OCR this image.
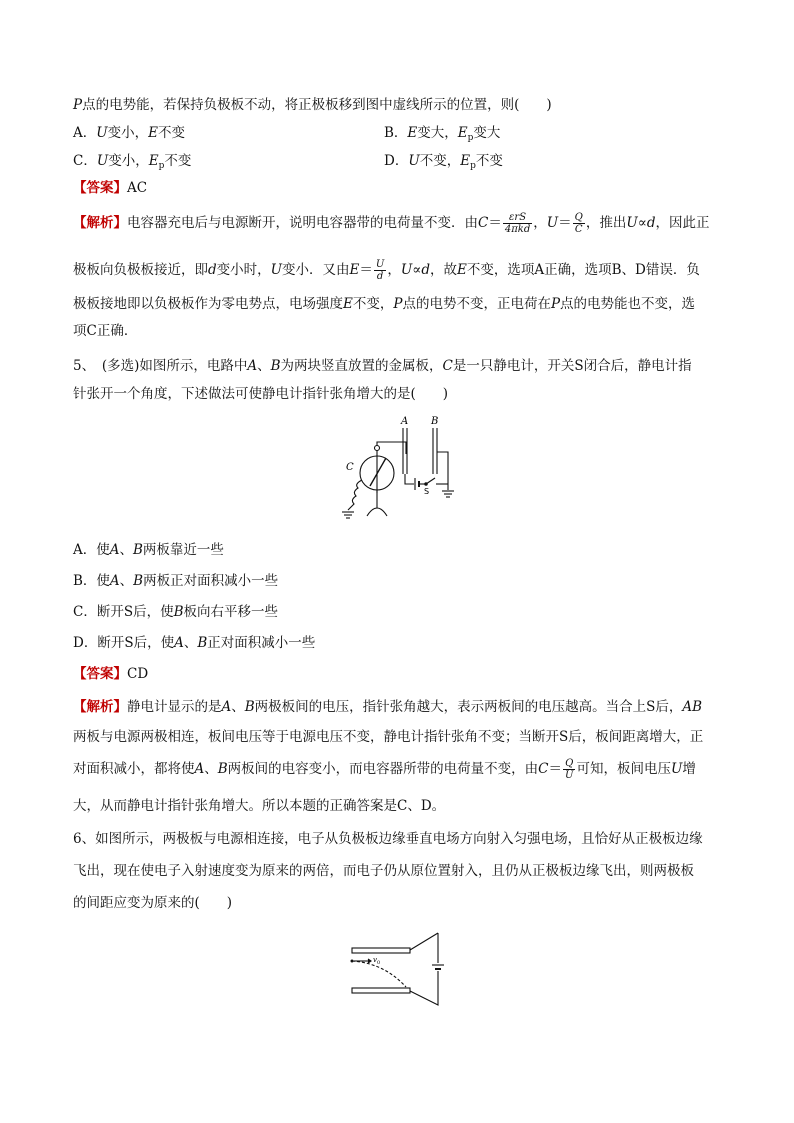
P点的电势能，若保持负极板不动，将正极板移到图中虚线所示的位置，则(　　)
A．U变小，E不变	B．E变大，$E_p$变大
C．U变小，$E_p$不变	D．U不变，$E_p$不变
【答案】AC
【解析】电容器充电后与电源断开，说明电容器带的电荷量不变．由$C= \frac{\text{εrS}}{\text{4πkd}}$ ，$U= \frac{Q}{C}$ ，推出U∝d，因此正
极板向负极板接近，即d变小时，U变小．又由$E= \frac{U}{d}$ ，U∝d，故E不变，选项A正确，选项B、D错误．负
极板接地即以负极板作为零电势点，电场强度E不变，P点的电势不变，正电荷在P点的电势能也不变，选
项C正确．
5、　(多选)如图所示，电路中A、B为两块竖直放置的金属板，C是一只静电计，开关S闭合后，静电计指
针张开一个角度，下述做法可使静电计指针张角增大的是(　　)
A B
C
S
A．使A、B两板靠近一些
B．使A、B两板正对面积减小一些
C．断开S后，使B板向右平移一些
D．断开S后，使A、B正对面积减小一些
【答案】CD
【解析】静电计显示的是A、B两极板间的电压，指针张角越大，表示两板间的电压越高。当合上S后，AB
两板与电源两极相连，板间电压等于电源电压不变，静电计指针张角不变；当断开S后，板间距离增大，正
对面积减小，都将使A、B两板间的电容变小，而电容器所带的电荷量不变，由$C= \frac{Q}{U}$ 可知，板间电压U增
大，从而静电计指针张角增大。所以本题的正确答案是C、D。
6、如图所示，两极板与电源相连接，电子从负极板边缘垂直电场方向射入匀强电场，且恰好从正极板边缘
飞出，现在使电子入射速度变为原来的两倍，而电子仍从原位置射入，且仍从正极板边缘飞出，则两极板
的间距应变为原来的(　　)
v 0
